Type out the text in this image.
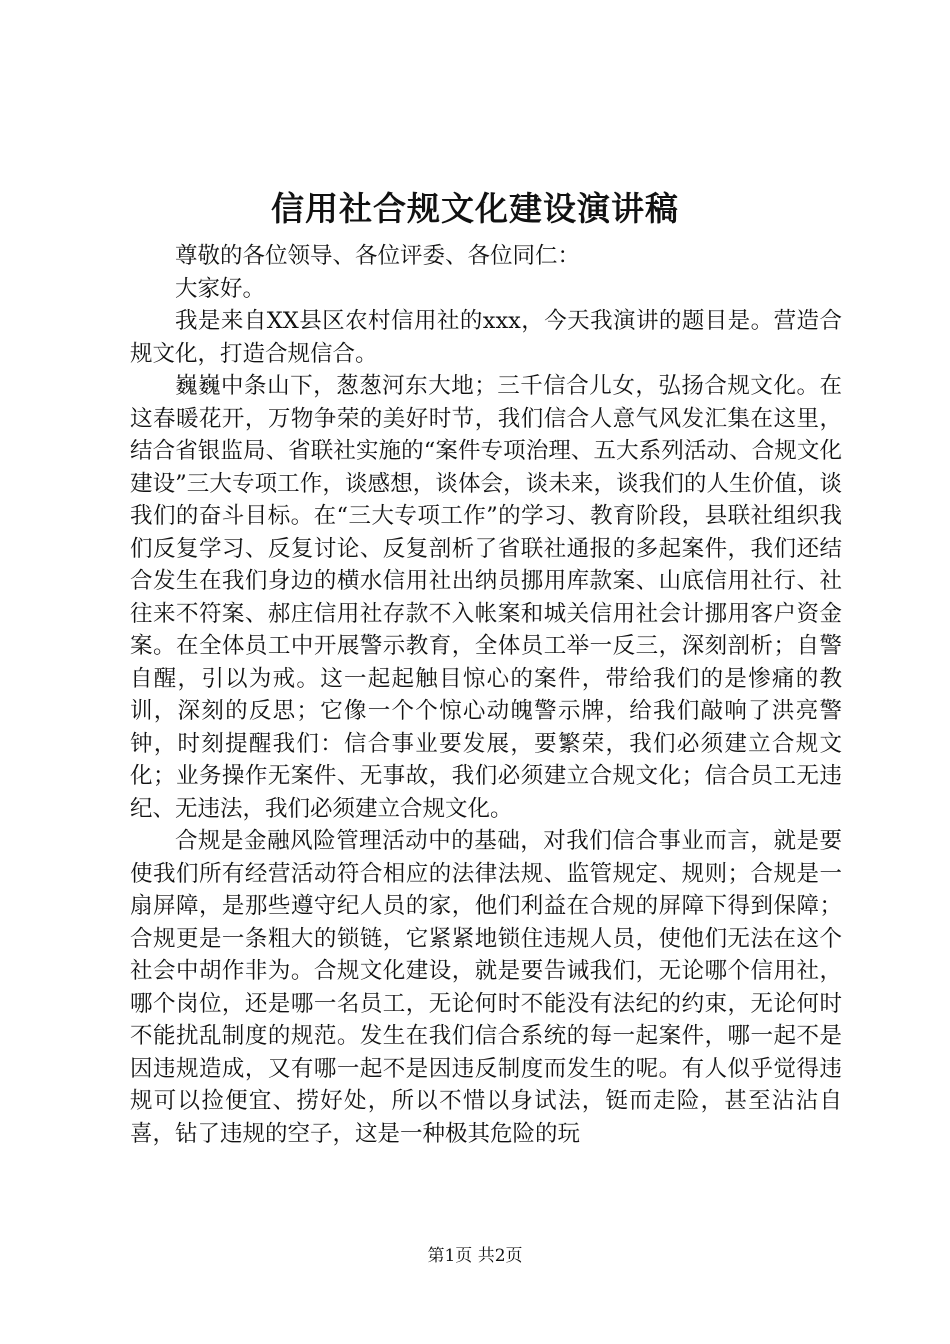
信用社合规文化建设演讲稿

尊敬的各位领导、各位评委、各位同仁：

大家好。

我是来自XX县区农村信用社的xxx，今天我演讲的题目是。营造合规文化，打造合规信合。

巍巍中条山下，葱葱河东大地；三千信合儿女，弘扬合规文化。在这春暖花开，万物争荣的美好时节，我们信合人意气风发汇集在这里，结合省银监局、省联社实施的“案件专项治理、五大系列活动、合规文化建设”三大专项工作，谈感想，谈体会，谈未来，谈我们的人生价值，谈我们的奋斗目标。在“三大专项工作”的学习、教育阶段，县联社组织我们反复学习、反复讨论、反复剖析了省联社通报的多起案件，我们还结合发生在我们身边的横水信用社出纳员挪用库款案、山底信用社行、社往来不符案、郝庄信用社存款不入帐案和城关信用社会计挪用客户资金案。在全体员工中开展警示教育，全体员工举一反三，深刻剖析；自警自醒，引以为戒。这一起起触目惊心的案件，带给我们的是惨痛的教训，深刻的反思；它像一个个惊心动魄警示牌，给我们敲响了洪亮警钟，时刻提醒我们：信合事业要发展，要繁荣，我们必须建立合规文化；业务操作无案件、无事故，我们必须建立合规文化；信合员工无违纪、无违法，我们必须建立合规文化。

合规是金融风险管理活动中的基础，对我们信合事业而言，就是要使我们所有经营活动符合相应的法律法规、监管规定、规则；合规是一扇屏障，是那些遵守纪人员的家，他们利益在合规的屏障下得到保障；合规更是一条粗大的锁链，它紧紧地锁住违规人员，使他们无法在这个社会中胡作非为。合规文化建设，就是要告诫我们，无论哪个信用社，哪个岗位，还是哪一名员工，无论何时不能没有法纪的约束，无论何时不能扰乱制度的规范。发生在我们信合系统的每一起案件，哪一起不是因违规造成，又有哪一起不是因违反制度而发生的呢。有人似乎觉得违规可以捡便宜、捞好处，所以不惜以身试法，铤而走险，甚至沾沾自喜，钻了违规的空子，这是一种极其危险的玩

第1页 共2页
